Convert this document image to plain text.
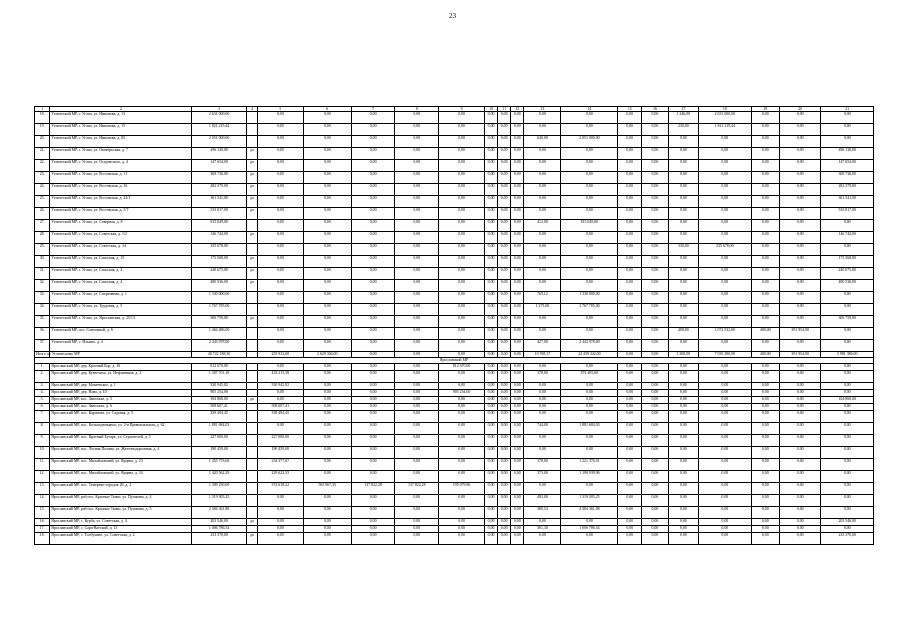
23
1	2	3	4	5	6	7	8	9	10	11	12	13	14	15	16	17	18	19	20	21
18.	Углический МР, г. Углич, ул. Никонова, д. 13	2 631 000,00		0,00	0,00	0,00	0,00	0,00	0,00	0,00	0,00	0,00	0,00	0,00	0,00	1 246,00	2 631 000,00	0,00	0,00	0,00
19.	Углический МР, г. Углич, ул. Никонова, д. 15	1 821 219,44		0,00	0,00	0,00	0,00	0,00	0,00	0,00	0,00	0,00	0,00	0,00	0,00	230,00	1 821 219,44	0,00	0,00	0,00
20.	Углический МР, г. Углич, ул. Никонова, д. 85	2 051 000,00		0,00	0,00	0,00	0,00	0,00	0,00	0,00	0,00	640,00	2 051 000,00	0,00	0,00	0,00	0,00	0,00	0,00	0,00
21.	Углический МР, г. Углич, ул. Октябрьская, д. 7	496 130,00	да	0,00	0,00	0,00	0,00	0,00	0,00	0,00	0,00	0,00	0,00	0,00	0,00	0,00	0,00	0,00	0,00	496 130,00
22.	Углический МР, г. Углич, ул. Островского, д. 4	147 654,00	да	0,00	0,00	0,00	0,00	0,00	0,00	0,00	0,00	0,00	0,00	0,00	0,00	0,00	0,00	0,00	0,00	147 654,00
23.	Углический МР, г. Углич, ул. Ростовская, д. 11	369 736,00	да	0,00	0,00	0,00	0,00	0,00	0,00	0,00	0,00	0,00	0,00	0,00	0,00	0,00	0,00	0,00	0,00	369 736,00
24.	Углический МР, г. Углич, ул. Ростовская, д. 16	282 379,00	да	0,00	0,00	0,00	0,00	0,00	0,00	0,00	0,00	0,00	0,00	0,00	0,00	0,00	0,00	0,00	0,00	282 379,00
25.	Углический МР, г. Углич, ул. Ростовская, д. 24/1	361 541,00	да	0,00	0,00	0,00	0,00	0,00	0,00	0,00	0,00	0,00	0,00	0,00	0,00	0,00	0,00	0,00	0,00	361 541,00
26.	Углический МР, г. Углич, ул. Ростовская, д. 5/7	533 817,00	да	0,00	0,00	0,00	0,00	0,00	0,00	0,00	0,00	0,00	0,00	0,00	0,00	0,00	0,00	0,00	0,00	533 817,00
27.	Углический МР, г. Углич, ул. Северная, д. 8	815 049,00		0,00	0,00	0,00	0,00	0,00	0,00	0,00	0,00	412,00	815 049,00	0,00	0,00	0,00	0,00	0,00	0,00	0,00
28.	Углический МР, г. Углич, ул. Советская, д. 1/2	146 744,00	да	0,00	0,00	0,00	0,00	0,00	0,00	0,00	0,00	0,00	0,00	0,00	0,00	0,00	0,00	0,00	0,00	146 744,00
29.	Углический МР, г. Углич, ул. Советская, д. 34	335 678,00		0,00	0,00	0,00	0,00	0,00	0,00	0,00	0,00	0,00	0,00	0,00	0,00	330,00	335 678,00	0,00	0,00	0,00
30.	Углический МР, г. Углич, ул. Спасская, д. 15	175 568,00	да	0,00	0,00	0,00	0,00	0,00	0,00	0,00	0,00	0,00	0,00	0,00	0,00	0,00	0,00	0,00	0,00	175 568,00
31.	Углический МР, г. Углич, ул. Спасская, д. 2	240 675,00	да	0,00	0,00	0,00	0,00	0,00	0,00	0,00	0,00	0,00	0,00	0,00	0,00	0,00	0,00	0,00	0,00	240 675,00
32.	Углический МР, г. Углич, ул. Спасская, д. 4	490 536,00	да	0,00	0,00	0,00	0,00	0,00	0,00	0,00	0,00	0,00	0,00	0,00	0,00	0,00	0,00	0,00	0,00	490 536,00
33.	Углический МР, г. Углич, ул. Спортивная, д. 1	1 330 000,00		0,00	0,00	0,00	0,00	0,00	0,00	0,00	0,00	765,12	1 330 000,00	0,00	0,00	0,00	0,00	0,00	0,00	0,00
34.	Углический МР, г. Углич, ул. Трудовая, д. 5	1 767 785,00		0,00	0,00	0,00	0,00	0,00	0,00	0,00	0,00	1 275,00	1 767 785,00	0,00	0,00	0,00	0,00	0,00	0,00	0,00
35.	Углический МР, г. Углич, ул. Ярославская, д. 25/13	306 759,00	да	0,00	0,00	0,00	0,00	0,00	0,00	0,00	0,00	0,00	0,00	0,00	0,00	0,00	0,00	0,00	0,00	306 759,00
36.	Углический МР, пос. Совхозный, д. 6	1 464 486,00		0,00	0,00	0,00	0,00	0,00	0,00	0,00	0,00	0,00	0,00	0,00	0,00	400,00	1 072 532,00	400,00	391 954,00	0,00
37.	Углический МР, с. Ильино, д. 4	2 443 978,00		0,00	0,00	0,00	0,00	0,00	0,00	0,00	0,00	427,00	2 443 978,00	0,00	0,00	0,00	0,00	0,00	0,00	0,00
Итого по Углическому МР		40 722 188,30		255 932,00	2 629 304,00	0,00	0,00	0,00	0,00	0,00	0,00	10 768,17	24 439 342,00	0,00	0,00	3 300,00	7 035 290,00	400,00	391 954,00	5 981 386,00
Ярославский МР																				
1.	Ярославский МР, дер. Красный Бор, д. 16	812 670,00		0,00	0,00	0,00	0,00	812 670,00	0,00	0,00	0,00	0,00	0,00	0,00	0,00	0,00	0,00	0,00	0,00	0,00
2.	Ярославский МР, дер. Кузнечиха, ул. Нефтяников, д. 2	1 307 701,18		433 215,58	0,00	0,00	0,00	0,00	0,00	0,00	0,00	378,00	874 485,60	0,00	0,00	0,00	0,00	0,00	0,00	0,00
3.	Ярославский МР, дер. Мокеевское, д. 1	330 945,82		330 945,82	0,00	0,00	0,00	0,00	0,00	0,00	0,00	0,00	0,00	0,00	0,00	0,00	0,00	0,00	0,00	0,00
4.	Ярославский МР, дер. Нова, д. 10	905 254,00		0,00	0,00	0,00	0,00	905 254,00	0,00	0,00	0,00	0,00	0,00	0,00	0,00	0,00	0,00	0,00	0,00	0,00
5.	Ярославский МР, пос. Заволжье, д. 5	104 868,00	да	0,00	0,00	0,00	0,00	0,00	0,00	0,00	0,00	0,00	0,00	0,00	0,00	0,00	0,00	0,00	0,00	104 868,00
6.	Ярославский МР, пос. Заволжье, д. 6	508 607,41		508 607,41	0,00	0,00	0,00	0,00	0,00	0,00	0,00	0,00	0,00	0,00	0,00	0,00	0,00	0,00	0,00	0,00
7.	Ярославский МР, пос. Карачиха, ул. Садовая, д. 5	339 494,45		339 494,45	0,00	0,00	0,00	0,00	0,00	0,00	0,00	0,00	0,00	0,00	0,00	0,00	0,00	0,00	0,00	0,00
8.	Ярославский МР, пос. Козьмодемьянск, ул. 2-я Привокзальная, д. 62	1 881 684,03		0,00	0,00	0,00	0,00	0,00	0,00	0,00	0,00	744,00	1 881 684,03	0,00	0,00	0,00	0,00	0,00	0,00	0,00
9.	Ярославский МР, пос. Красный Бутарь, ул. Строителей, д. 5	227 000,00		227 000,00	0,00	0,00	0,00	0,00	0,00	0,00	0,00	0,00	0,00	0,00	0,00	0,00	0,00	0,00	0,00	0,00
10.	Ярославский МР, пос. Лесная Поляна, ул. Железнодорожная, д. 4	190 459,00		190 459,00	0,00	0,00	0,00	0,00	0,00	0,00	0,00	0,00	0,00	0,00	0,00	0,00	0,00	0,00	0,00	0,00
11.	Ярославский МР, пос. Михайловский, ул. Ярцева, д. 23	1 455 753,68		234 377,67	0,00	0,00	0,00	0,00	0,00	0,00	0,00	378,00	1 221 376,01	0,00	0,00	0,00	0,00	0,00	0,00	0,00
12.	Ярославский МР, пос. Михайловский, ул. Ярцева, д. 34	1 420 562,29		229 622,33	0,00	0,00	0,00	0,00	0,00	0,00	0,00	373,00	1 190 939,96	0,00	0,00	0,00	0,00	0,00	0,00	0,00
13.	Ярославский МР, пос. Темерево-городок 26, д. 2	1 309 250,09		374 618,22	563 967,35	137 822,28	137 822,28	195 079,96	0,00	0,00	0,00	0,00	0,00	0,00	0,00	0,00	0,00	0,00	0,00	0,00
14.	Ярославский МР, раб пос. Красные Ткачи, ул. Пушкина, д. 4	1 319 305,25		0,00	0,00	0,00	0,00	0,00	0,00	0,00	0,00	403,00	1 319 305,25	0,00	0,00	0,00	0,00	0,00	0,00	0,00
15.	Ярославский МР, раб пос. Красные Ткачи, ул. Пушкина, д. 5	2 384 361,88		0,00	0,00	0,00	0,00	0,00	0,00	0,00	0,00	380,54	2 384 361,88	0,00	0,00	0,00	0,00	0,00	0,00	0,00
16.	Ярославский МР, с. Курба, ул. Советская, д. 4	203 546,00	да	0,00	0,00	0,00	0,00	0,00	0,00	0,00	0,00	0,00	0,00	0,00	0,00	0,00	0,00	0,00	0,00	203 546,00
17.	Ярославский МР, с. Сара-Ватский, д. 13	1 006 786,54		0,00	0,00	0,00	0,00	0,00	0,00	0,00	0,00	361,30	1 006 786,54	0,00	0,00	0,00	0,00	0,00	0,00	0,00
18.	Ярославский МР, с. Толбухино, ул. Советская, д. 2	233 370,00	да	0,00	0,00	0,00	0,00	0,00	0,00	0,00	0,00	0,00	0,00	0,00	0,00	0,00	0,00	0,00	0,00	233 370,00
